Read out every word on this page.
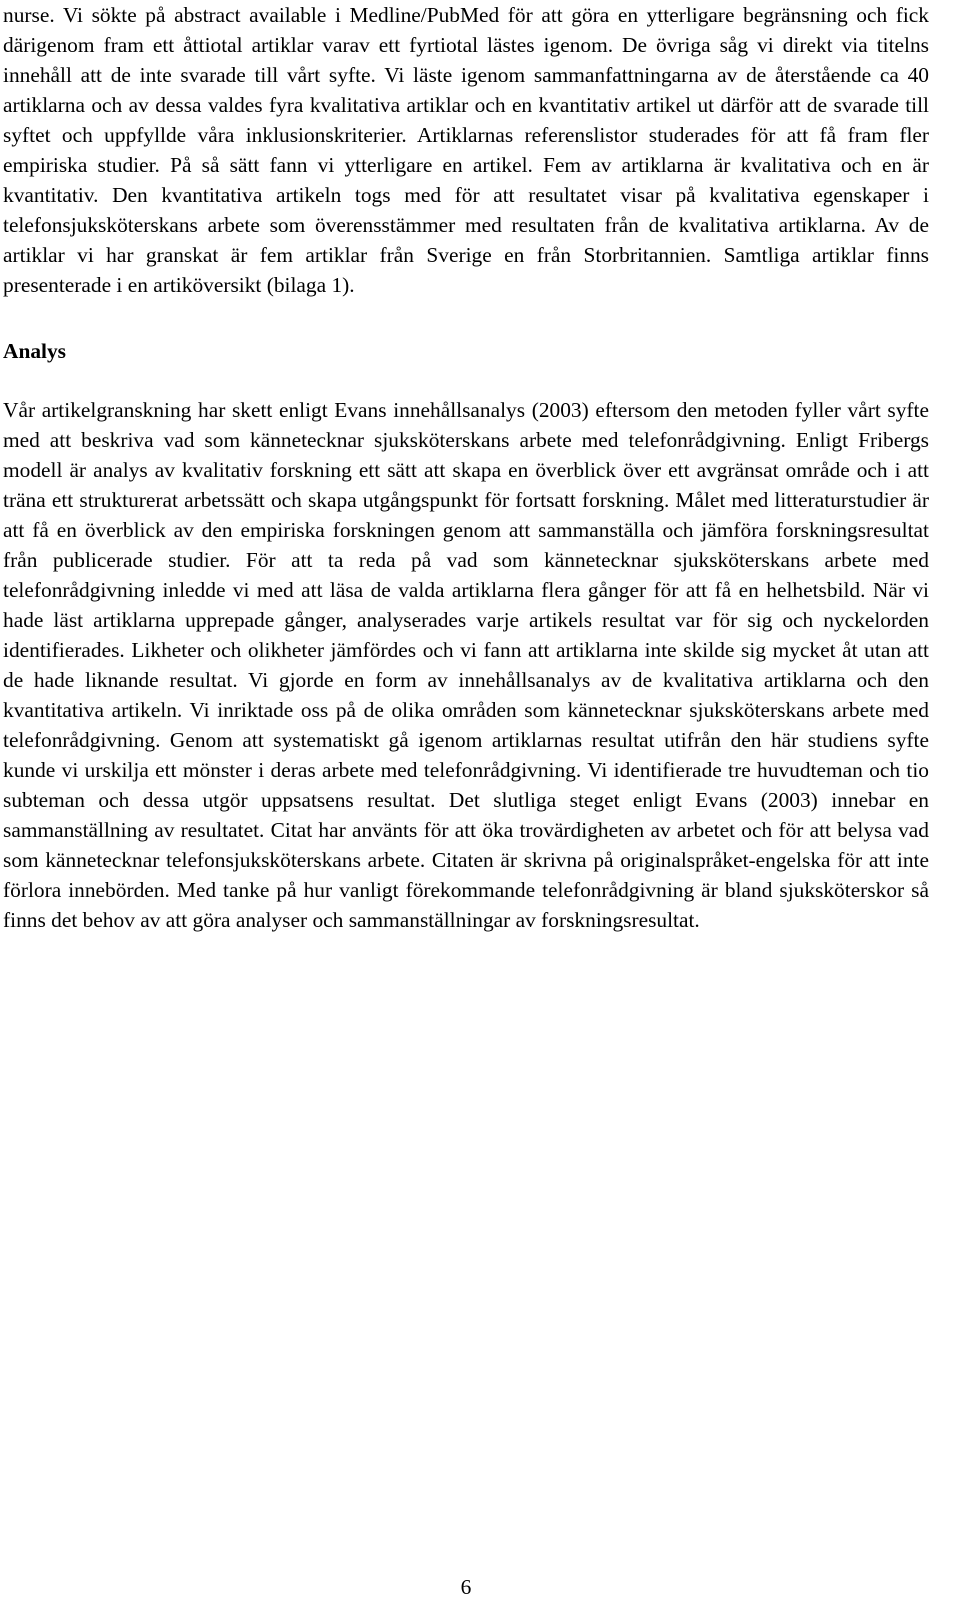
nurse. Vi sökte på abstract available i Medline/PubMed för att göra en ytterligare begränsning och fick därigenom fram ett åttiotal artiklar varav ett fyrtiotal lästes igenom. De övriga såg vi direkt via titelns innehåll att de inte svarade till vårt syfte. Vi läste igenom sammanfattningarna av de återstående ca 40 artiklarna och av dessa valdes fyra kvalitativa artiklar och en kvantitativ artikel ut därför att de svarade till syftet och uppfyllde våra inklusionskriterier. Artiklarnas referenslistor studerades för att få fram fler empiriska studier. På så sätt fann vi ytterligare en artikel. Fem av artiklarna är kvalitativa och en är kvantitativ. Den kvantitativa artikeln togs med för att resultatet visar på kvalitativa egenskaper i telefonsjuksköterskans arbete som överensstämmer med resultaten från de kvalitativa artiklarna. Av de artiklar vi har granskat är fem artiklar från Sverige en från Storbritannien. Samtliga artiklar finns presenterade i en artiköversikt (bilaga 1).

Analys

Vår artikelgranskning har skett enligt Evans innehållsanalys (2003) eftersom den metoden fyller vårt syfte med att beskriva vad som kännetecknar sjuksköterskans arbete med telefonrådgivning. Enligt Fribergs modell är analys av kvalitativ forskning ett sätt att skapa en överblick över ett avgränsat område och i att träna ett strukturerat arbetssätt och skapa utgångspunkt för fortsatt forskning. Målet med litteraturstudier är att få en överblick av den empiriska forskningen genom att sammanställa och jämföra forskningsresultat från publicerade studier. För att ta reda på vad som kännetecknar sjuksköterskans arbete med telefonrådgivning inledde vi med att läsa de valda artiklarna flera gånger för att få en helhetsbild. När vi hade läst artiklarna upprepade gånger, analyserades varje artikels resultat var för sig och nyckelorden identifierades. Likheter och olikheter jämfördes och vi fann att artiklarna inte skilde sig mycket åt utan att de hade liknande resultat. Vi gjorde en form av innehållsanalys av de kvalitativa artiklarna och den kvantitativa artikeln. Vi inriktade oss på de olika områden som kännetecknar sjuksköterskans arbete med telefonrådgivning. Genom att systematiskt gå igenom artiklarnas resultat utifrån den här studiens syfte kunde vi urskilja ett mönster i deras arbete med telefonrådgivning. Vi identifierade tre huvudteman och tio subteman och dessa utgör uppsatsens resultat. Det slutliga steget enligt Evans (2003) innebar en sammanställning av resultatet. Citat har använts för att öka trovärdigheten av arbetet och för att belysa vad som kännetecknar telefonsjuksköterskans arbete. Citaten är skrivna på originalspråket-engelska för att inte förlora innebörden. Med tanke på hur vanligt förekommande telefonrådgivning är bland sjuksköterskor så finns det behov av att göra analyser och sammanställningar av forskningsresultat.

6
